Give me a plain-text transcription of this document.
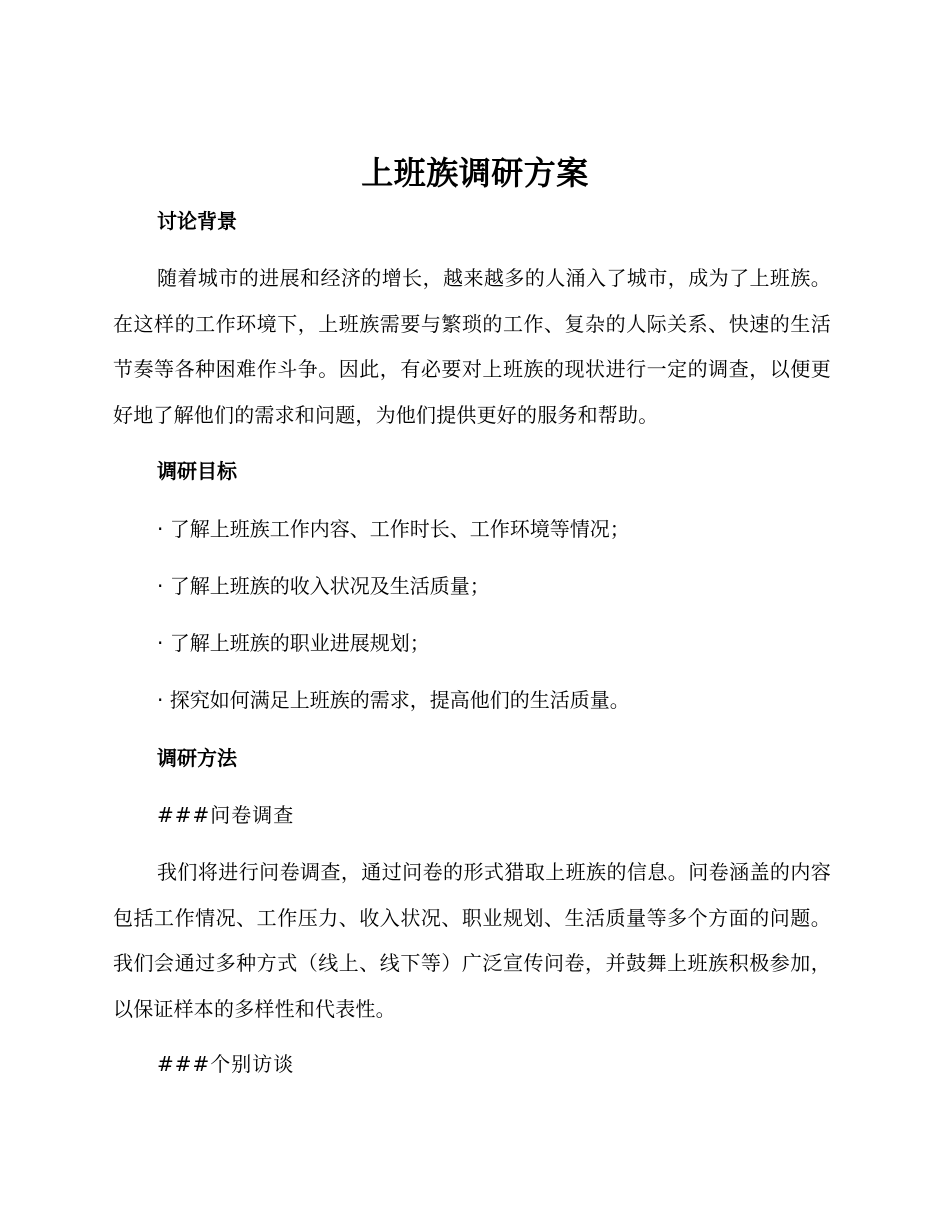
上班族调研方案
讨论背景
随着城市的进展和经济的增长，越来越多的人涌入了城市，成为了上班族。在这样的工作环境下，上班族需要与繁琐的工作、复杂的人际关系、快速的生活节奏等各种困难作斗争。因此，有必要对上班族的现状进行一定的调查，以便更好地了解他们的需求和问题，为他们提供更好的服务和帮助。
调研目标
· 了解上班族工作内容、工作时长、工作环境等情况；
· 了解上班族的收入状况及生活质量；
· 了解上班族的职业进展规划；
· 探究如何满足上班族的需求，提高他们的生活质量。
调研方法
###问卷调查
我们将进行问卷调查，通过问卷的形式猎取上班族的信息。问卷涵盖的内容包括工作情况、工作压力、收入状况、职业规划、生活质量等多个方面的问题。我们会通过多种方式（线上、线下等）广泛宣传问卷，并鼓舞上班族积极参加，以保证样本的多样性和代表性。
###个别访谈
